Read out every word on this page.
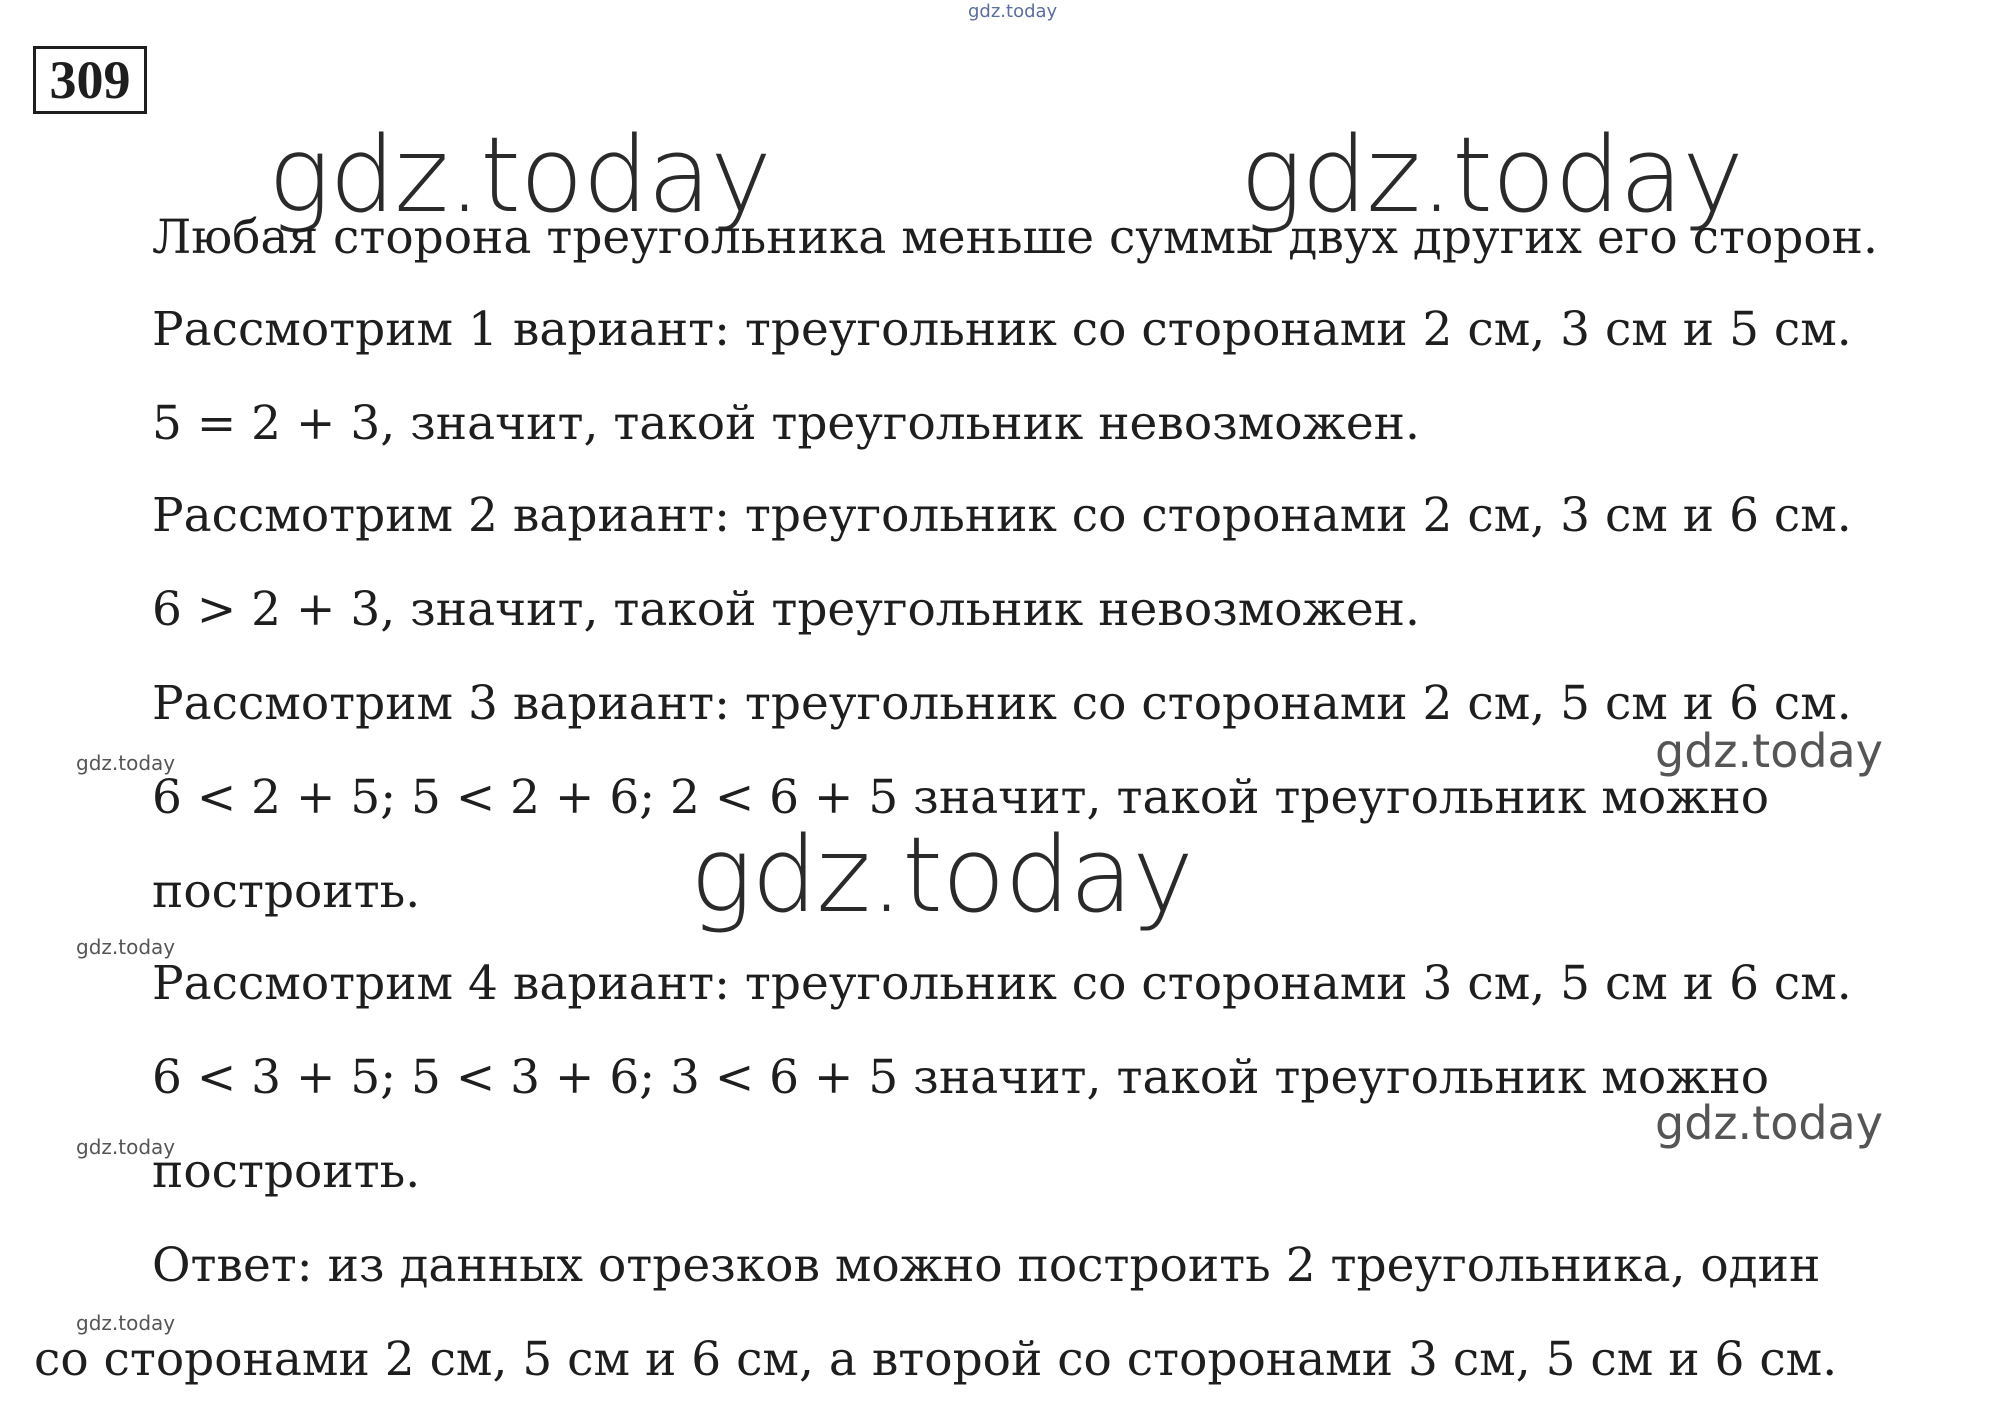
gdz.today
309
gdz.today	gdz.today
Любая сторона треугольника меньше суммы двух других его сторон.
Рассмотрим 1 вариант: треугольник со сторонами 2 см, 3 см и 5 см.
5 = 2 + 3, значит, такой треугольник невозможен.
Рассмотрим 2 вариант: треугольник со сторонами 2 см, 3 см и 6 см.
6 > 2 + 3, значит, такой треугольник невозможен.
Рассмотрим 3 вариант: треугольник со сторонами 2 см, 5 см и 6 см.
6 < 2 + 5; 5 < 2 + 6; 2 < 6 + 5 значит, такой треугольник можно
построить.
Рассмотрим 4 вариант: треугольник со сторонами 3 см, 5 см и 6 см.
6 < 3 + 5; 5 < 3 + 6; 3 < 6 + 5 значит, такой треугольник можно
построить.
Ответ: из данных отрезков можно построить 2 треугольника, один
со сторонами 2 см, 5 см и 6 см, а второй со сторонами 3 см, 5 см и 6 см.
gdz.today
gdz.today
gdz.today
gdz.today
gdz.today
gdz.today
gdz.today
